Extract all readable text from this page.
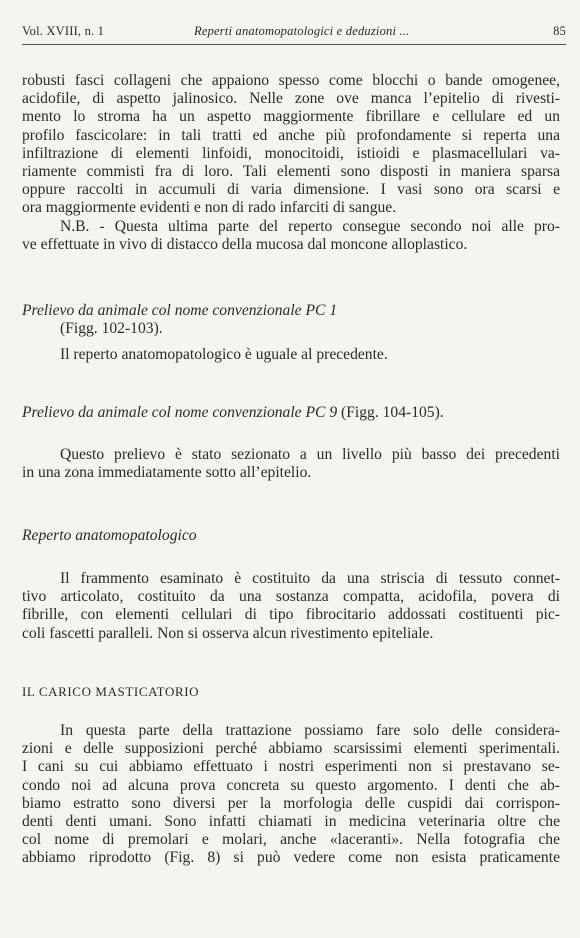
Vol. XVIII, n. 1	Reperti anatomopatologici e deduzioni ...	85
robusti fasci collageni che appaiono spesso come blocchi o bande omogenee,
acidofile, di aspetto jalinosico. Nelle zone ove manca l’epitelio di rivesti-
mento lo stroma ha un aspetto maggiormente fibrillare e cellulare ed un
profilo fascicolare: in tali tratti ed anche più profondamente si reperta una
infiltrazione di elementi linfoidi, monocitoidi, istioidi e plasmacellulari va-
riamente commisti fra di loro. Tali elementi sono disposti in maniera sparsa
oppure raccolti in accumuli di varia dimensione. I vasi sono ora scarsi e
ora maggiormente evidenti e non di rado infarciti di sangue.
N.B. - Questa ultima parte del reperto consegue secondo noi alle pro-
ve effettuate in vivo di distacco della mucosa dal moncone alloplastico.
Prelievo da animale col nome convenzionale PC 1
(Figg. 102-103).
Il reperto anatomopatologico è uguale al precedente.
Prelievo da animale col nome convenzionale PC 9 (Figg. 104-105).
Questo prelievo è stato sezionato a un livello più basso dei precedenti
in una zona immediatamente sotto all’epitelio.
Reperto anatomopatologico
Il frammento esaminato è costituito da una striscia di tessuto connet-
tivo articolato, costituito da una sostanza compatta, acidofila, povera di
fibrille, con elementi cellulari di tipo fibrocitario addossati costituenti pic-
coli fascetti paralleli. Non si osserva alcun rivestimento epiteliale.
IL CARICO MASTICATORIO
In questa parte della trattazione possiamo fare solo delle considera-
zioni e delle supposizioni perché abbiamo scarsissimi elementi sperimentali.
I cani su cui abbiamo effettuato i nostri esperimenti non si prestavano se-
condo noi ad alcuna prova concreta su questo argomento. I denti che ab-
biamo estratto sono diversi per la morfologia delle cuspidi dai corrispon-
denti denti umani. Sono infatti chiamati in medicina veterinaria oltre che
col nome di premolari e molari, anche «laceranti». Nella fotografia che
abbiamo riprodotto (Fig. 8) si può vedere come non esista praticamente
